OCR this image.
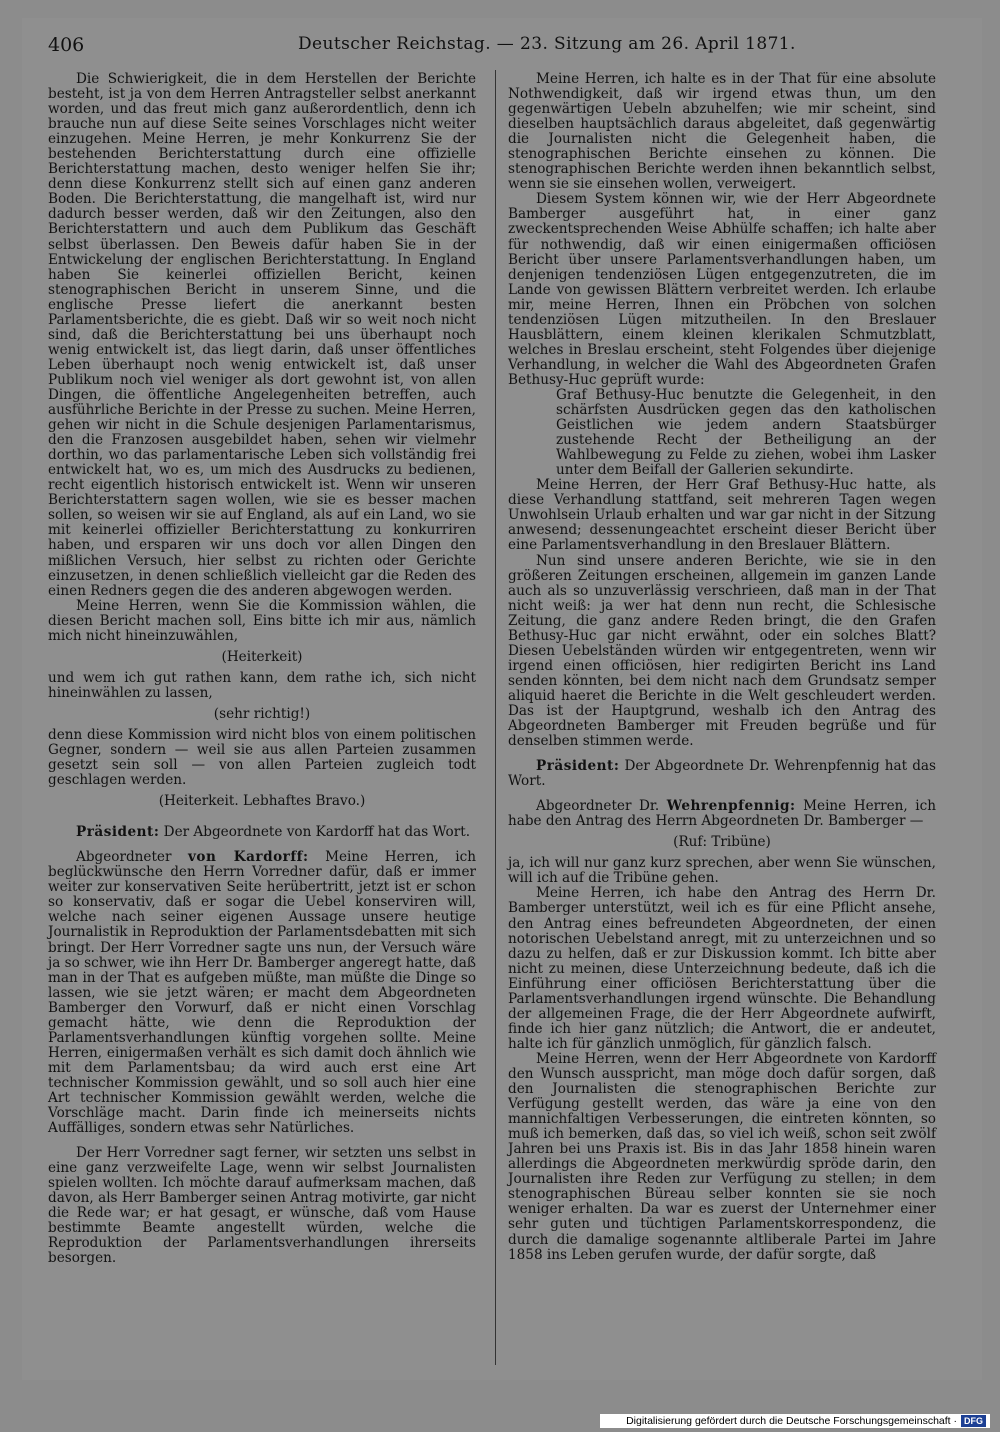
406	Deutscher Reichstag. — 23. Sitzung am 26. April 1871.

Die Schwierigkeit, die in dem Herstellen der Berichte besteht, ist ja von dem Herren Antragsteller selbst anerkannt worden, und das freut mich ganz außerordentlich, denn ich brauche nun auf diese Seite seines Vorschlages nicht weiter einzugehen. Meine Herren, je mehr Konkurrenz Sie der bestehenden Berichterstattung durch eine offizielle Berichterstattung machen, desto weniger helfen Sie ihr; denn diese Konkurrenz stellt sich auf einen ganz anderen Boden. Die Berichterstattung, die mangelhaft ist, wird nur dadurch besser werden, daß wir den Zeitungen, also den Berichterstattern und auch dem Publikum das Geschäft selbst überlassen. Den Beweis dafür haben Sie in der Entwickelung der englischen Berichterstattung. In England haben Sie keinerlei offiziellen Bericht, keinen stenographischen Bericht in unserem Sinne, und die englische Presse liefert die anerkannt besten Parlamentsberichte, die es giebt. Daß wir so weit noch nicht sind, daß die Berichterstattung bei uns überhaupt noch wenig entwickelt ist, das liegt darin, daß unser öffentliches Leben überhaupt noch wenig entwickelt ist, daß unser Publikum noch viel weniger als dort gewohnt ist, von allen Dingen, die öffentliche Angelegenheiten betreffen, auch ausführliche Berichte in der Presse zu suchen. Meine Herren, gehen wir nicht in die Schule desjenigen Parlamentarismus, den die Franzosen ausgebildet haben, sehen wir vielmehr dorthin, wo das parlamentarische Leben sich vollständig frei entwickelt hat, wo es, um mich des Ausdrucks zu bedienen, recht eigentlich historisch entwickelt ist. Wenn wir unseren Berichterstattern sagen wollen, wie sie es besser machen sollen, so weisen wir sie auf England, als auf ein Land, wo sie mit keinerlei offizieller Berichterstattung zu konkurriren haben, und ersparen wir uns doch vor allen Dingen den mißlichen Versuch, hier selbst zu richten oder Gerichte einzusetzen, in denen schließlich vielleicht gar die Reden des einen Redners gegen die des anderen abgewogen werden.

Meine Herren, wenn Sie die Kommission wählen, die diesen Bericht machen soll, Eins bitte ich mir aus, nämlich mich nicht hineinzuwählen,

(Heiterkeit)

und wem ich gut rathen kann, dem rathe ich, sich nicht hineinwählen zu lassen,

(sehr richtig!)

denn diese Kommission wird nicht blos von einem politischen Gegner, sondern — weil sie aus allen Parteien zusammen gesetzt sein soll — von allen Parteien zugleich todt geschlagen werden.

(Heiterkeit. Lebhaftes Bravo.)

Präsident: Der Abgeordnete von Kardorff hat das Wort.

Abgeordneter von Kardorff: Meine Herren, ich beglückwünsche den Herrn Vorredner dafür, daß er immer weiter zur konservativen Seite herübertritt, jetzt ist er schon so konservativ, daß er sogar die Uebel konserviren will, welche nach seiner eigenen Aussage unsere heutige Journalistik in Reproduktion der Parlamentsdebatten mit sich bringt. Der Herr Vorredner sagte uns nun, der Versuch wäre ja so schwer, wie ihn Herr Dr. Bamberger angeregt hatte, daß man in der That es aufgeben müßte, man müßte die Dinge so lassen, wie sie jetzt wären; er macht dem Abgeordneten Bamberger den Vorwurf, daß er nicht einen Vorschlag gemacht hätte, wie denn die Reproduktion der Parlamentsverhandlungen künftig vorgehen sollte. Meine Herren, einigermaßen verhält es sich damit doch ähnlich wie mit dem Parlamentsbau; da wird auch erst eine Art technischer Kommission gewählt, und so soll auch hier eine Art technischer Kommission gewählt werden, welche die Vorschläge macht. Darin finde ich meinerseits nichts Auffälliges, sondern etwas sehr Natürliches.

Der Herr Vorredner sagt ferner, wir setzten uns selbst in eine ganz verzweifelte Lage, wenn wir selbst Journalisten spielen wollten. Ich möchte darauf aufmerksam machen, daß davon, als Herr Bamberger seinen Antrag motivirte, gar nicht die Rede war; er hat gesagt, er wünsche, daß vom Hause bestimmte Beamte angestellt würden, welche die Reproduktion der Parlamentsverhandlungen ihrerseits besorgen.

Meine Herren, ich halte es in der That für eine absolute Nothwendigkeit, daß wir irgend etwas thun, um den gegenwärtigen Uebeln abzuhelfen; wie mir scheint, sind dieselben hauptsächlich daraus abgeleitet, daß gegenwärtig die Journalisten nicht die Gelegenheit haben, die stenographischen Berichte einsehen zu können. Die stenographischen Berichte werden ihnen bekanntlich selbst, wenn sie sie einsehen wollen, verweigert.

Diesem System können wir, wie der Herr Abgeordnete Bamberger ausgeführt hat, in einer ganz zweckentsprechenden Weise Abhülfe schaffen; ich halte aber für nothwendig, daß wir einen einigermaßen officiösen Bericht über unsere Parlamentsverhandlungen haben, um denjenigen tendenziösen Lügen entgegenzutreten, die im Lande von gewissen Blättern verbreitet werden. Ich erlaube mir, meine Herren, Ihnen ein Pröbchen von solchen tendenziösen Lügen mitzutheilen. In den Breslauer Hausblättern, einem kleinen klerikalen Schmutzblatt, welches in Breslau erscheint, steht Folgendes über diejenige Verhandlung, in welcher die Wahl des Abgeordneten Grafen Bethusy-Huc geprüft wurde:

Graf Bethusy-Huc benutzte die Gelegenheit, in den schärfsten Ausdrücken gegen das den katholischen Geistlichen wie jedem andern Staatsbürger zustehende Recht der Betheiligung an der Wahlbewegung zu Felde zu ziehen, wobei ihm Lasker unter dem Beifall der Gallerien sekundirte.

Meine Herren, der Herr Graf Bethusy-Huc hatte, als diese Verhandlung stattfand, seit mehreren Tagen wegen Unwohlsein Urlaub erhalten und war gar nicht in der Sitzung anwesend; dessenungeachtet erscheint dieser Bericht über eine Parlamentsverhandlung in den Breslauer Blättern.

Nun sind unsere anderen Berichte, wie sie in den größeren Zeitungen erscheinen, allgemein im ganzen Lande auch als so unzuverlässig verschrieen, daß man in der That nicht weiß: ja wer hat denn nun recht, die Schlesische Zeitung, die ganz andere Reden bringt, die den Grafen Bethusy-Huc gar nicht erwähnt, oder ein solches Blatt? Diesen Uebelständen würden wir entgegentreten, wenn wir irgend einen officiösen, hier redigirten Bericht ins Land senden könnten, bei dem nicht nach dem Grundsatz semper aliquid haeret die Berichte in die Welt geschleudert werden. Das ist der Hauptgrund, weshalb ich den Antrag des Abgeordneten Bamberger mit Freuden begrüße und für denselben stimmen werde.

Präsident: Der Abgeordnete Dr. Wehrenpfennig hat das Wort.

Abgeordneter Dr. Wehrenpfennig: Meine Herren, ich habe den Antrag des Herrn Abgeordneten Dr. Bamberger —

(Ruf: Tribüne)

ja, ich will nur ganz kurz sprechen, aber wenn Sie wünschen, will ich auf die Tribüne gehen.

Meine Herren, ich habe den Antrag des Herrn Dr. Bamberger unterstützt, weil ich es für eine Pflicht ansehe, den Antrag eines befreundeten Abgeordneten, der einen notorischen Uebelstand anregt, mit zu unterzeichnen und so dazu zu helfen, daß er zur Diskussion kommt. Ich bitte aber nicht zu meinen, diese Unterzeichnung bedeute, daß ich die Einführung einer officiösen Berichterstattung über die Parlamentsverhandlungen irgend wünschte. Die Behandlung der allgemeinen Frage, die der Herr Abgeordnete aufwirft, finde ich hier ganz nützlich; die Antwort, die er andeutet, halte ich für gänzlich unmöglich, für gänzlich falsch.

Meine Herren, wenn der Herr Abgeordnete von Kardorff den Wunsch ausspricht, man möge doch dafür sorgen, daß den Journalisten die stenographischen Berichte zur Verfügung gestellt werden, das wäre ja eine von den mannichfaltigen Verbesserungen, die eintreten könnten, so muß ich bemerken, daß das, so viel ich weiß, schon seit zwölf Jahren bei uns Praxis ist. Bis in das Jahr 1858 hinein waren allerdings die Abgeordneten merkwürdig spröde darin, den Journalisten ihre Reden zur Verfügung zu stellen; in dem stenographischen Büreau selber konnten sie sie noch weniger erhalten. Da war es zuerst der Unternehmer einer sehr guten und tüchtigen Parlamentskorrespondenz, die durch die damalige sogenannte altliberale Partei im Jahre 1858 ins Leben gerufen wurde, der dafür sorgte, daß

Digitalisierung gefördert durch die Deutsche Forschungsgemeinschaft · DFG
